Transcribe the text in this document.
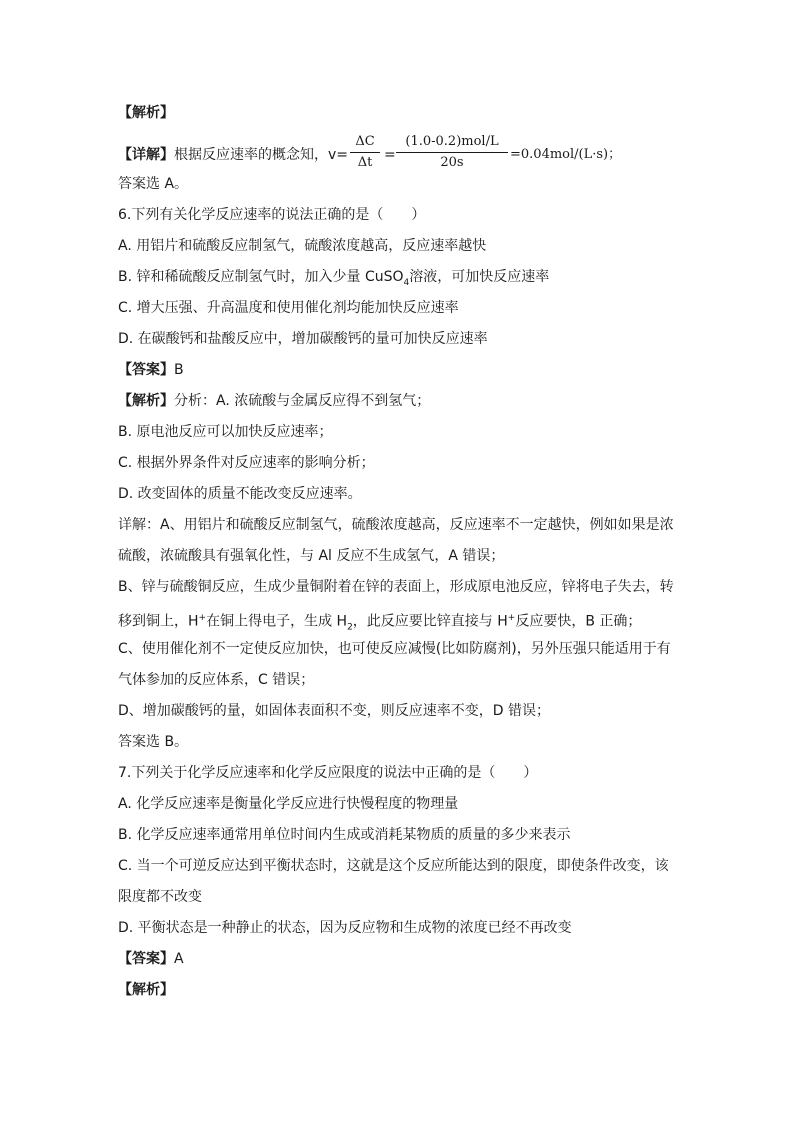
【解析】
【详解】 根据反应速率的概念知，v=
ΔC
Δt =
(1.0-0.2)mol/L
20s
=0.04mol/(L·s)；
答案选 A。
6.下列有关化学反应速率的说法正确的是（　　）
A. 用铝片和硫酸反应制氢气，硫酸浓度越高，反应速率越快
B. 锌和稀硫酸反应制氢气时，加入少量 CuSO$_4$溶液，可加快反应速率
C. 增大压强、升高温度和使用催化剂均能加快反应速率
D. 在碳酸钙和盐酸反应中，增加碳酸钙的量可加快反应速率
【答案】B
【解析】分析：A. 浓硫酸与金属反应得不到氢气；
B. 原电池反应可以加快反应速率；
C. 根据外界条件对反应速率的影响分析；
D. 改变固体的质量不能改变反应速率。
详解：A、用铝片和硫酸反应制氢气，硫酸浓度越高，反应速率不一定越快，例如如果是浓
硫酸，浓硫酸具有强氧化性，与 Al 反应不生成氢气，A 错误；
B、锌与硫酸铜反应，生成少量铜附着在锌的表面上，形成原电池反应，锌将电子失去，转
移到铜上，H+在铜上得电子，生成 $H_2$，此反应要比锌直接与 H+反应要快，B 正确；
C、使用催化剂不一定使反应加快，也可使反应减慢(比如防腐剂)，另外压强只能适用于有
气体参加的反应体系，C 错误；
D、增加碳酸钙的量，如固体表面积不变，则反应速率不变，D 错误；
答案选 B。
7.下列关于化学反应速率和化学反应限度的说法中正确的是（　　）
A. 化学反应速率是衡量化学反应进行快慢程度的物理量
B. 化学反应速率通常用单位时间内生成或消耗某物质的质量的多少来表示
C. 当一个可逆反应达到平衡状态时，这就是这个反应所能达到的限度，即使条件改变，该
限度都不改变
D. 平衡状态是一种静止的状态，因为反应物和生成物的浓度已经不再改变
【答案】A
【解析】
